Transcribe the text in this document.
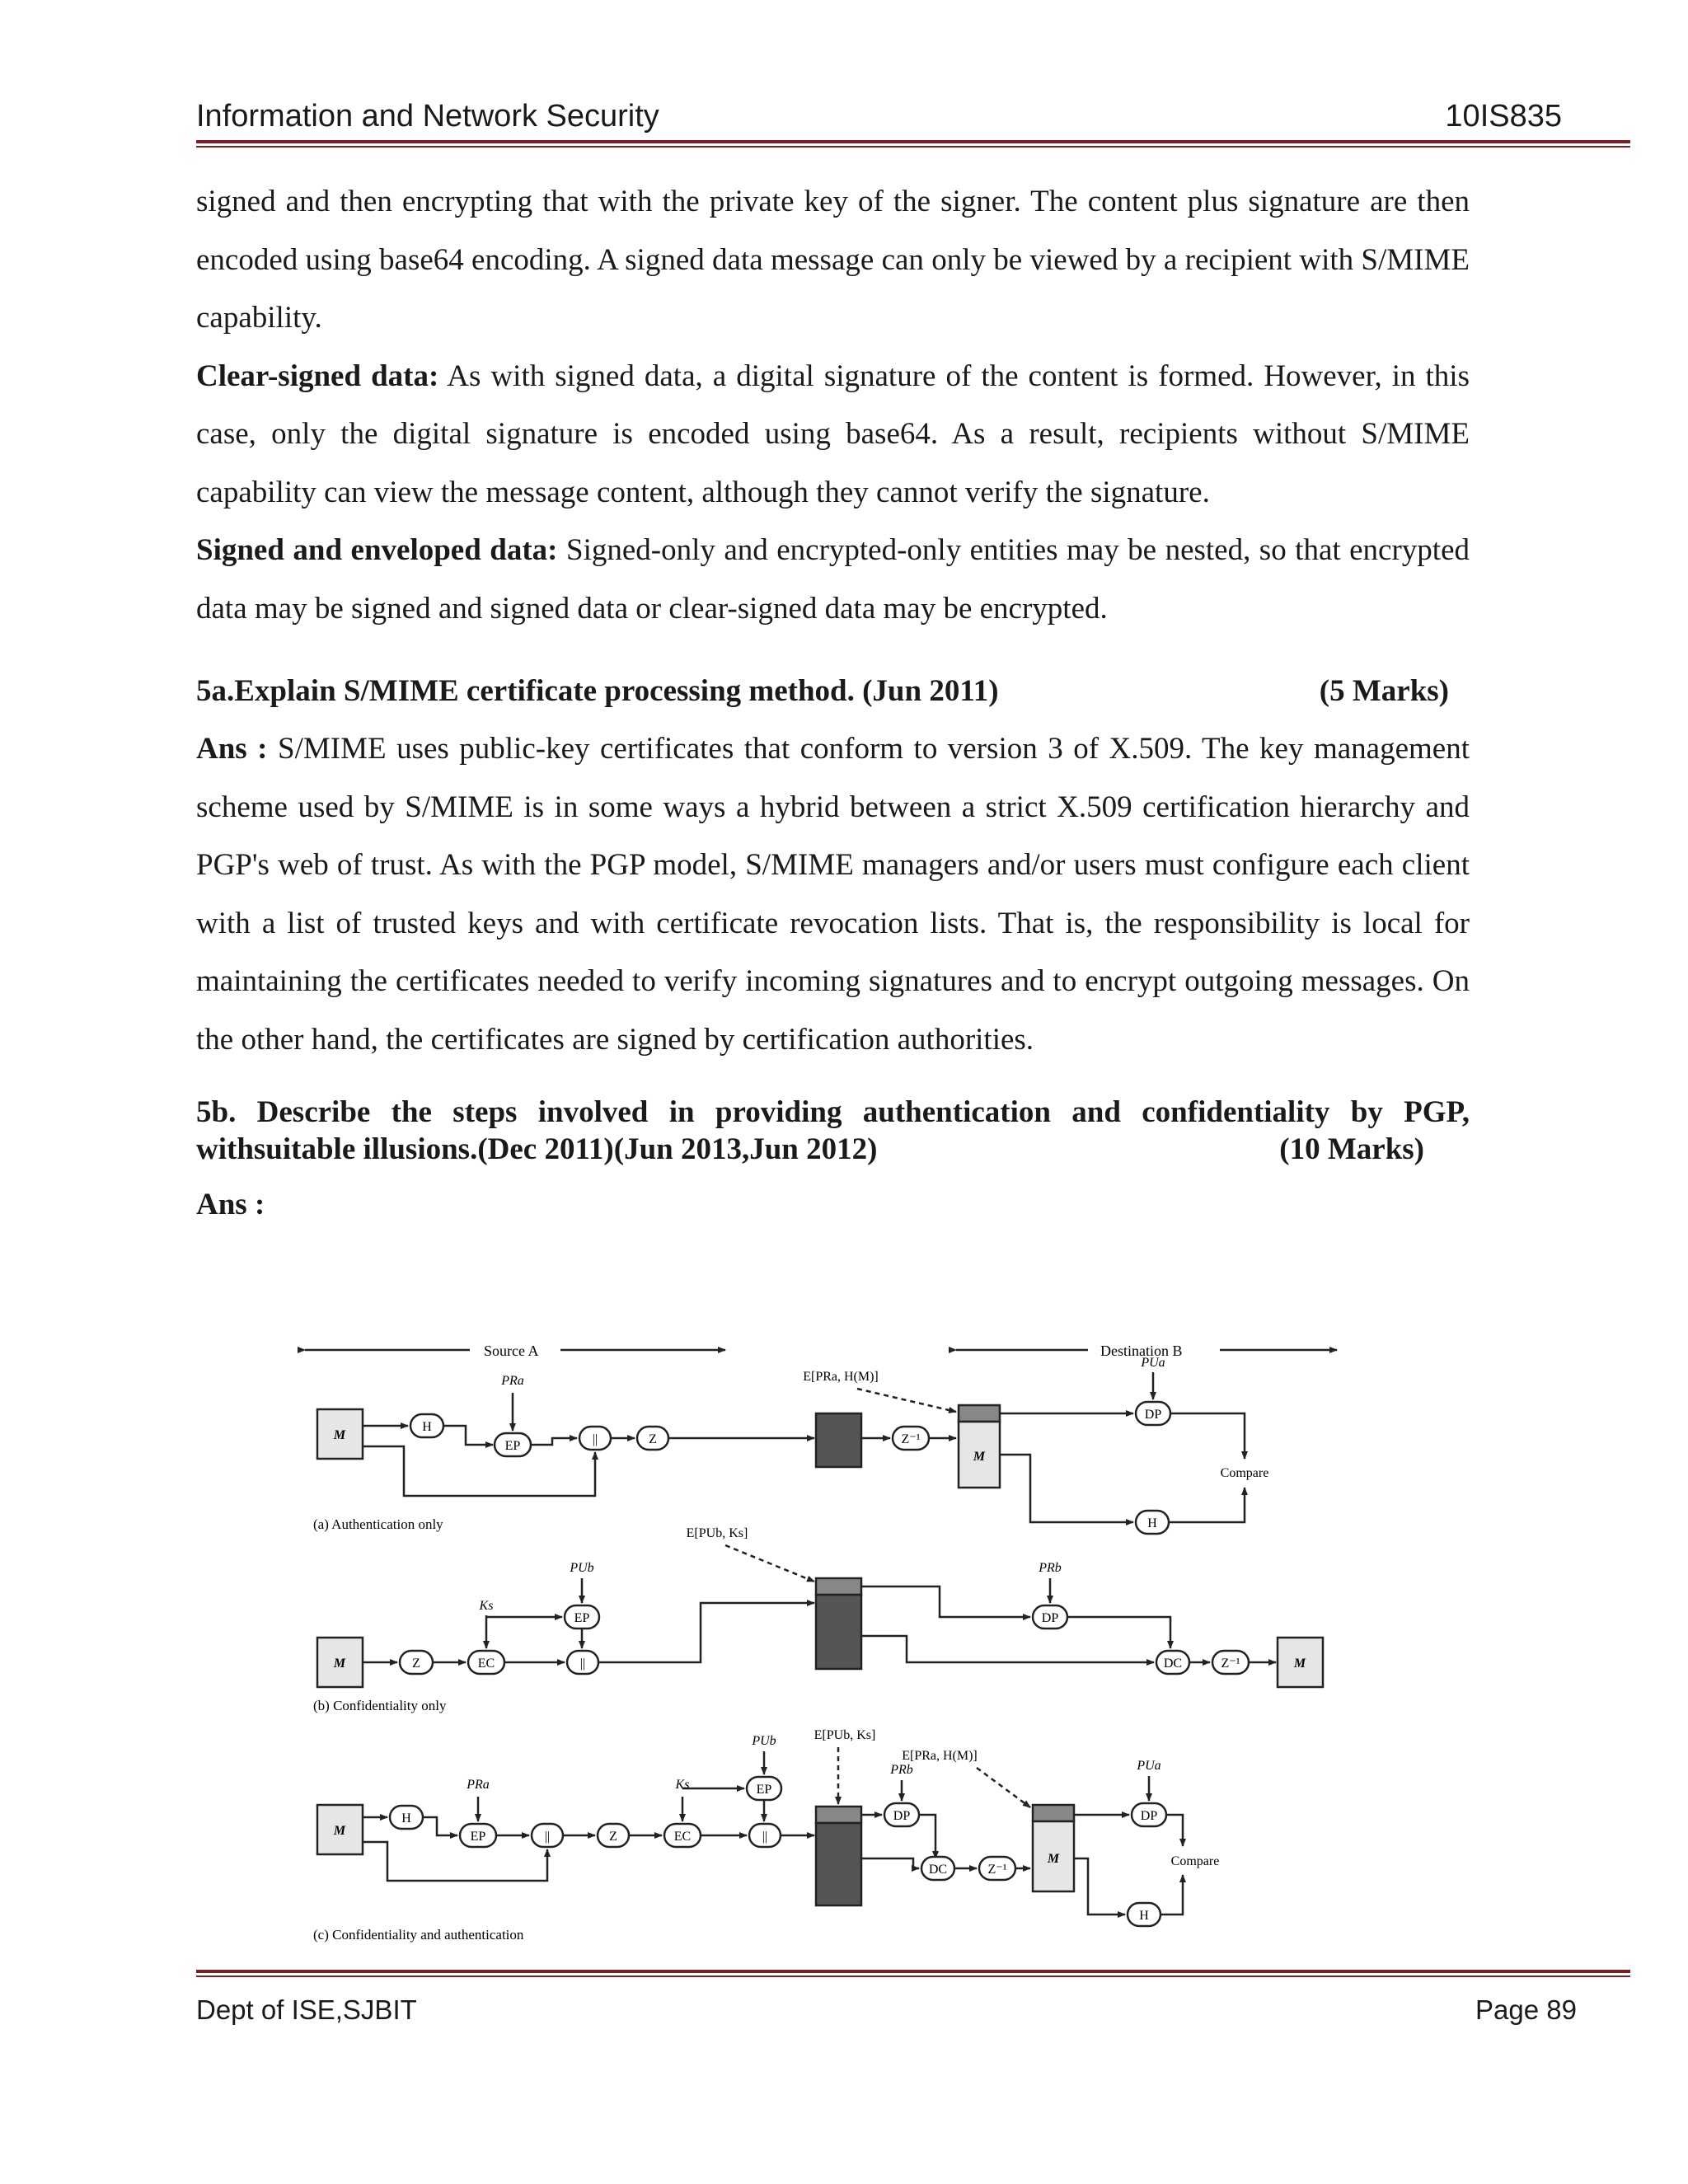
Information and Network Security	10IS835

signed and then encrypting that with the private key of the signer. The content plus signature are then encoded using base64 encoding. A signed data message can only be viewed by a recipient with S/MIME capability.

Clear-signed data: As with signed data, a digital signature of the content is formed. However, in this case, only the digital signature is encoded using base64. As a result, recipients without S/MIME capability can view the message content, although they cannot verify the signature.

Signed and enveloped data: Signed-only and encrypted-only entities may be nested, so that encrypted data may be signed and signed data or clear-signed data may be encrypted.

5a.Explain S/MIME certificate processing method. (Jun 2011)	(5 Marks)

Ans : S/MIME uses public-key certificates that conform to version 3 of X.509. The key management scheme used by S/MIME is in some ways a hybrid between a strict X.509 certification hierarchy and PGP's web of trust. As with the PGP model, S/MIME managers and/or users must configure each client with a list of trusted keys and with certificate revocation lists. That is, the responsibility is local for maintaining the certificates needed to verify incoming signatures and to encrypt outgoing messages. On the other hand, the certificates are signed by certification authorities.

5b. Describe the steps involved in providing authentication and confidentiality by PGP,

withsuitable illusions.(Dec 2011)(Jun 2013,Jun 2012)	(10 Marks)

Ans :

Source A	Destination B
M
H
EP
PRa
||	Z	Z⁻¹
E[PRa, H(M)]
M
DP
PUa
Compare
H
(a) Authentication only
M	Z	EC
Ks
EP
PUb
||
E[PUb, Ks]
DP
PRb
DC	Z⁻¹	M
(b) Confidentiality only
M
H
EP
PRa
||	Z	EC
Ks	EP
PUb
||
E[PUb, Ks]
DP
PRb
DC	Z⁻¹
E[PRa, H(M)]
M
DP
PUa
Compare
H
(c) Confidentiality and authentication
Dept of ISE,SJBIT	Page 89
